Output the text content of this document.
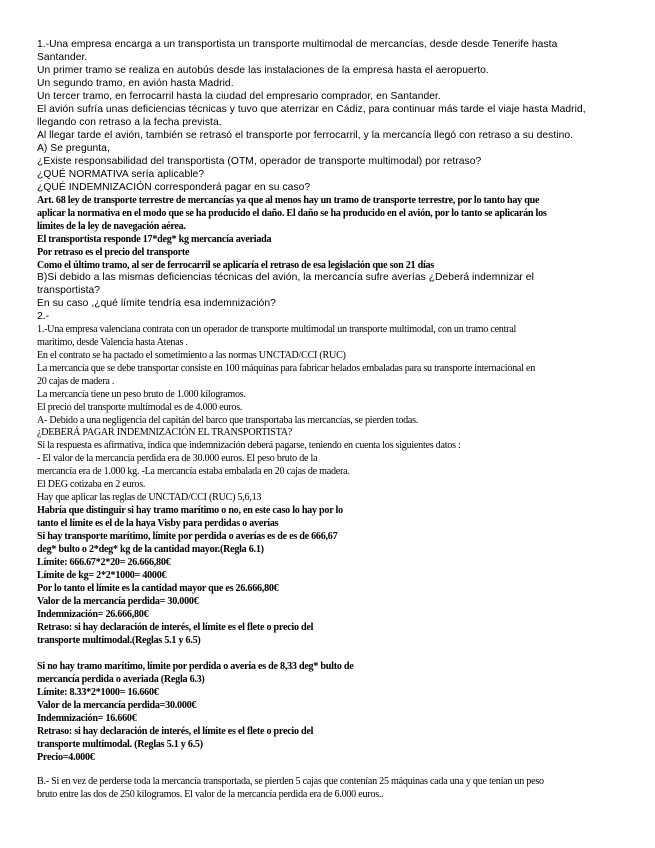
1.-Una empresa encarga a un transportista un transporte multimodal de mercancías, desde desde Tenerife hasta
Santander.
Un primer tramo se realiza en autobús desde las instalaciones de la empresa hasta el aeropuerto.
Un segundo tramo, en avión hasta Madrid.
Un tercer tramo, en ferrocarril hasta la ciudad del empresario comprador, en Santander.
El avión sufría unas deficiencias técnicas y tuvo que aterrizar en Cádiz, para continuar más tarde el viaje hasta Madrid,
llegando con retraso a la fecha prevista.
Al llegar tarde el avión, también se retrasó el transporte por ferrocarril, y la mercancía llegó con retraso a su destino.
A) Se pregunta,
¿Existe responsabilidad del transportista (OTM, operador de transporte multimodal) por retraso?
¿QUÉ NORMATIVA sería aplicable?
¿QUÉ INDEMNIZACIÓN corresponderá pagar en su caso?
Art. 68 ley de transporte terrestre de mercancías ya que al menos hay un tramo de transporte terrestre, por lo tanto hay que
aplicar la normativa en el modo que se ha producido el daño. El daño se ha producido en el avión, por lo tanto se aplicarán los
límites de la ley de navegación aérea.
El transportista responde 17*deg* kg mercancía averiada
Por retraso es el precio del transporte
Como el último tramo, al ser de ferrocarril se aplicaría el retraso de esa legislación que son 21 días
B)Si debido a las mismas deficiencias técnicas del avión, la mercancía sufre averías ¿Deberá indemnizar el
transportista?
En su caso ,¿qué límite tendría esa indemnización?
2.-
1.-Una empresa valenciana contrata con un operador de transporte multimodal un transporte multimodal, con un tramo central
marítimo, desde Valencia hasta Atenas .
En el contrato se ha pactado el sometimiento a las normas UNCTAD/CCI (RUC)
La mercancía que se debe transportar consiste en 100 máquinas para fabricar helados embaladas para su transporte internacional en
20 cajas de madera .
La mercancía tiene un peso bruto de 1.000 kilogramos.
El precio del transporte multimodal es de 4.000 euros.
A- Debido a una negligencia del capitán del barco que transportaba las mercancías, se pierden todas.
¿DEBERÁ PAGAR INDEMNIZACIÓN EL TRANSPORTISTA?
Si la respuesta es afirmativa, indica que indemnización deberá pagarse, teniendo en cuenta los siguientes datos :
- El valor de la mercancía perdida era de 30.000 euros. El peso bruto de la
mercancía era de 1.000 kg. -La mercancía estaba embalada en 20 cajas de madera.
El DEG cotizaba en 2 euros.
Hay que aplicar las reglas de UNCTAD/CCI (RUC) 5,6,13
Habría que distinguir si hay tramo marítimo o no, en este caso lo hay por lo
tanto el límite es el de la haya Visby para perdidas o averías
Si hay transporte marítimo, límite por perdida o averías es de es de 666,67
deg* bulto o 2*deg* kg de la cantidad mayor.(Regla 6.1)
Límite: 666.67*2*20= 26.666,80€
Límite de kg= 2*2*1000= 4000€
Por lo tanto el límite es la cantidad mayor que es 26.666,80€
Valor de la mercancía perdida= 30.000€
Indemnización= 26.666,80€
Retraso: si hay declaración de interés, el límite es el flete o precio del
transporte multimodal.(Reglas 5.1 y 6.5)
Si no hay tramo marítimo, límite por perdida o avería es de 8,33 deg* bulto de
mercancía perdida o averiada (Regla 6.3)
Límite: 8.33*2*1000= 16.660€
Valor de la mercancía perdida=30.000€
Indemnización= 16.660€
Retraso: si hay declaración de interés, el límite es el flete o precio del
transporte multimodal. (Reglas 5.1 y 6.5)
Precio=4.000€
B.- Si en vez de perderse toda la mercancía transportada, se pierden 5 cajas que contenían 25 máquinas cada una y que tenían un peso
bruto entre las dos de 250 kilogramos. El valor de la mercancía perdida era de 6.000 euros..
